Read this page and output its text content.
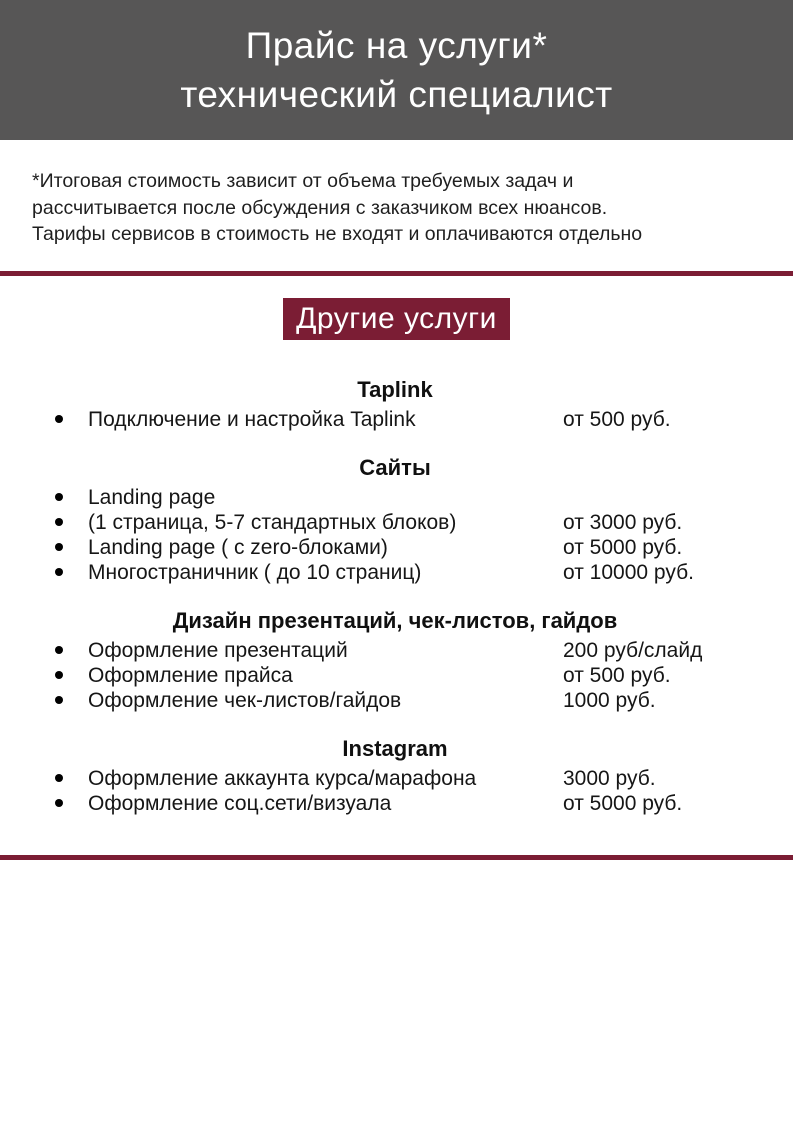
Прайс на услуги*
технический специалист
*Итоговая стоимость зависит от объема требуемых задач и
рассчитывается после обсуждения с заказчиком всех нюансов.
Тарифы сервисов в стоимость не входят и оплачиваются отдельно
Другие услуги
Taplink
Подключение и настройка Taplink	от 500 руб.
Сайты
Landing page
(1 страница, 5-7 стандартных блоков)	от 3000 руб.
Landing page ( с zero-блоками)	от 5000 руб.
Многостраничник ( до 10 страниц)	от 10000 руб.
Дизайн презентаций, чек-листов, гайдов
Оформление презентаций	200 руб/слайд
Оформление прайса	от 500 руб.
Оформление чек-листов/гайдов	1000 руб.
Instagram
Оформление аккаунта курса/марафона	3000 руб.
Оформление соц.сети/визуала	от 5000 руб.
